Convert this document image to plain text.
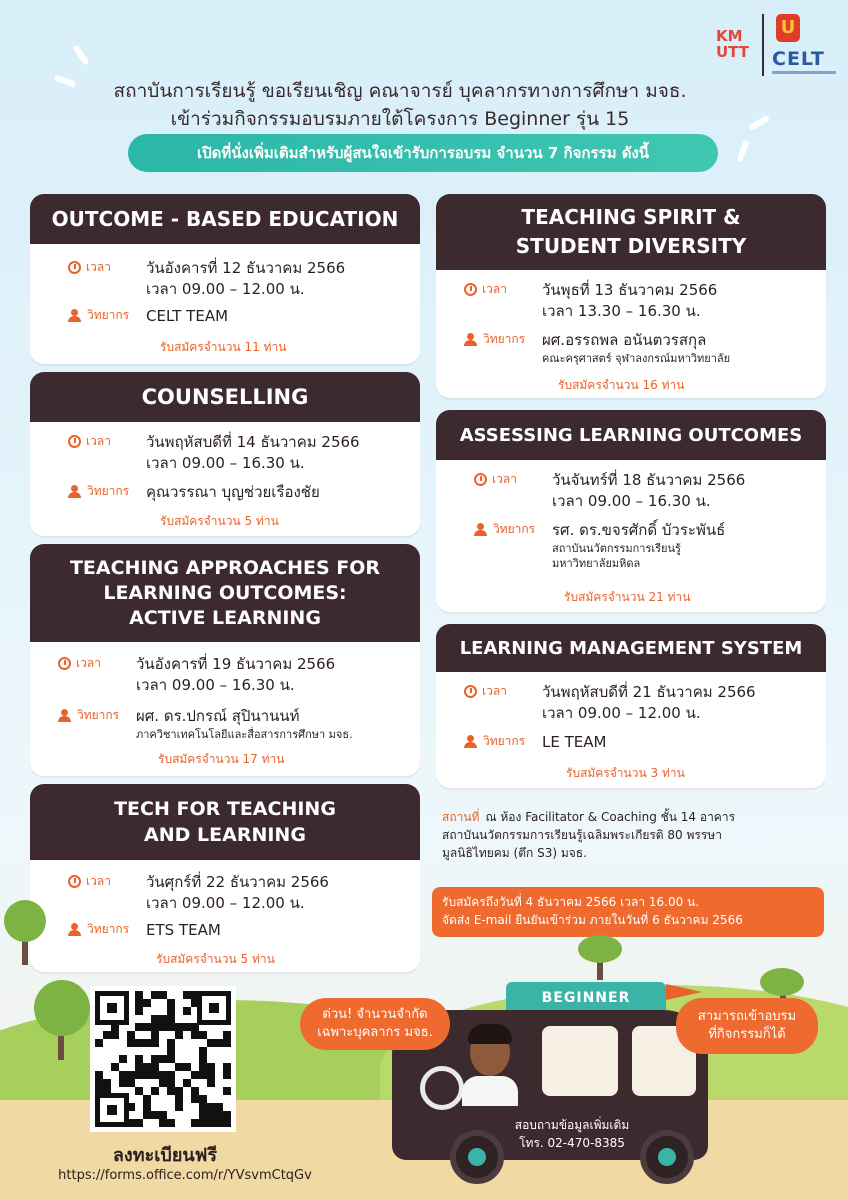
KM UTT
U
CELT
สถาบันการเรียนรู้ ขอเรียนเชิญ คณาจารย์ บุคลากรทางการศึกษา มจธ.
เข้าร่วมกิจกรรมอบรมภายใต้โครงการ Beginner รุ่น 15
เปิดที่นั่งเพิ่มเติมสำหรับผู้สนใจเข้ารับการอบรม จำนวน 7 กิจกรรม ดังนี้
OUTCOME - BASED EDUCATION
เวลา วันอังคารที่ 12 ธันวาคม 2566
เวลา 09.00 – 12.00 น.
วิทยากร CELT TEAM
รับสมัครจำนวน 11 ท่าน
COUNSELLING
เวลา วันพฤหัสบดีที่ 14 ธันวาคม 2566
เวลา 09.00 – 16.30 น.
วิทยากร คุณวรรณา บุญช่วยเรืองชัย
รับสมัครจำนวน 5 ท่าน
TEACHING APPROACHES FOR
LEARNING OUTCOMES:
ACTIVE LEARNING
เวลา วันอังคารที่ 19 ธันวาคม 2566
เวลา 09.00 – 16.30 น.
วิทยากร ผศ. ดร.ปกรณ์ สุปินานนท์
ภาควิชาเทคโนโลยีและสื่อสารการศึกษา มจธ.
รับสมัครจำนวน 17 ท่าน
TECH FOR TEACHING
AND LEARNING
เวลา วันศุกร์ที่ 22 ธันวาคม 2566
เวลา 09.00 – 12.00 น.
วิทยากร ETS TEAM
รับสมัครจำนวน 5 ท่าน
TEACHING SPIRIT &
STUDENT DIVERSITY
เวลา วันพุธที่ 13 ธันวาคม 2566
เวลา 13.30 – 16.30 น.
วิทยากร ผศ.อรรถพล อนันตวรสกุล
คณะครุศาสตร์ จุฬาลงกรณ์มหาวิทยาลัย
รับสมัครจำนวน 16 ท่าน
ASSESSING LEARNING OUTCOMES
เวลา วันจันทร์ที่ 18 ธันวาคม 2566
เวลา 09.00 – 16.30 น.
วิทยากร รศ. ดร.ขจรศักดิ์ บัวระพันธ์
สถาบันนวัตกรรมการเรียนรู้
มหาวิทยาลัยมหิดล
รับสมัครจำนวน 21 ท่าน
LEARNING MANAGEMENT SYSTEM
เวลา วันพฤหัสบดีที่ 21 ธันวาคม 2566
เวลา 09.00 – 12.00 น.
วิทยากร LE TEAM
รับสมัครจำนวน 3 ท่าน
สถานที่ ณ ห้อง Facilitator & Coaching ชั้น 14 อาคาร
สถาบันนวัตกรรมการเรียนรู้เฉลิมพระเกียรติ 80 พรรษา
มูลนิธิไทยคม (ตึก S3) มจธ.
รับสมัครถึงวันที่ 4 ธันวาคม 2566 เวลา 16.00 น.
จัดส่ง E-mail ยืนยันเข้าร่วม ภายในวันที่ 6 ธันวาคม 2566
ลงทะเบียนฟรี
https://forms.office.com/r/YVsvmCtqGv
BEGINNER
สอบถามข้อมูลเพิ่มเติม
โทร. 02-470-8385
ด่วน! จำนวนจำกัด
เฉพาะบุคลากร มจธ.
สามารถเข้าอบรม
ที่กิจกรรมก็ได้
